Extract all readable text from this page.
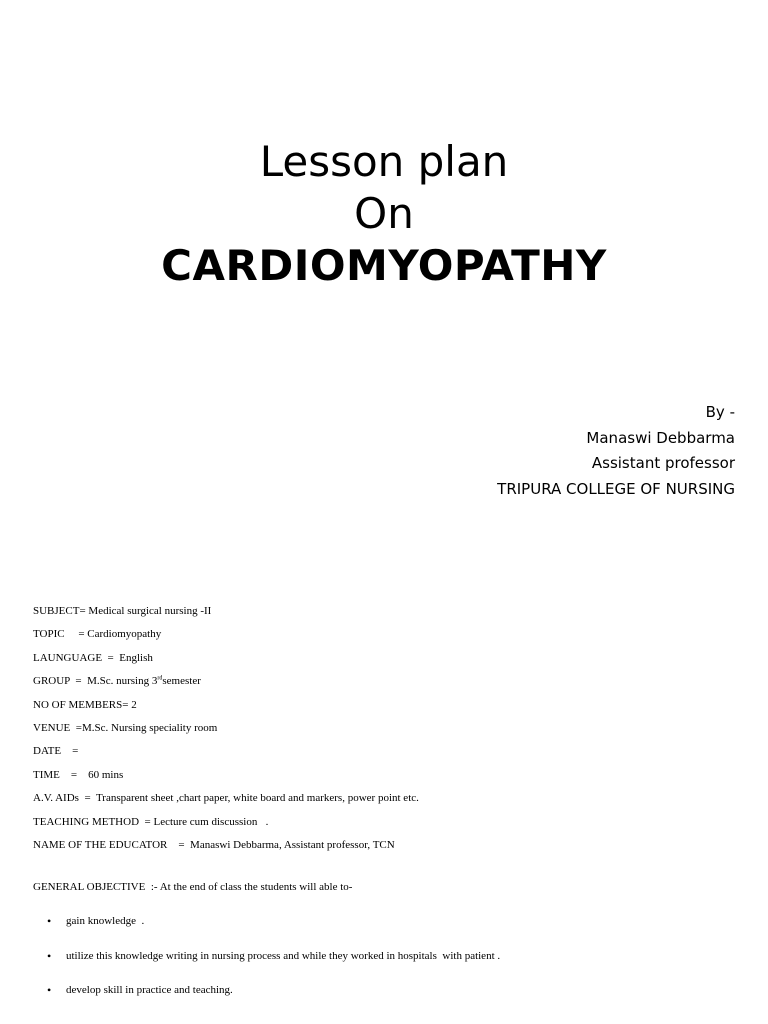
Lesson plan
On
CARDIOMYOPATHY
By -
Manaswi Debbarma
Assistant professor
TRIPURA COLLEGE OF NURSING
SUBJECT= Medical surgical nursing -II
TOPIC     = Cardiomyopathy
LAUNGUAGE  =  English
GROUP  =  M.Sc. nursing 3rdsemester
NO OF MEMBERS= 2
VENUE  =M.Sc. Nursing speciality room
DATE    =
TIME    =    60 mins
A.V. AIDs  =  Transparent sheet ,chart paper, white board and markers, power point etc.
TEACHING METHOD  = Lecture cum discussion   .
NAME OF THE EDUCATOR    =  Manaswi Debbarma, Assistant professor, TCN
GENERAL OBJECTIVE  :- At the end of class the students will able to-
•	gain knowledge  .
•	utilize this knowledge writing in nursing process and while they worked in hospitals  with patient .
•	develop skill in practice and teaching.
